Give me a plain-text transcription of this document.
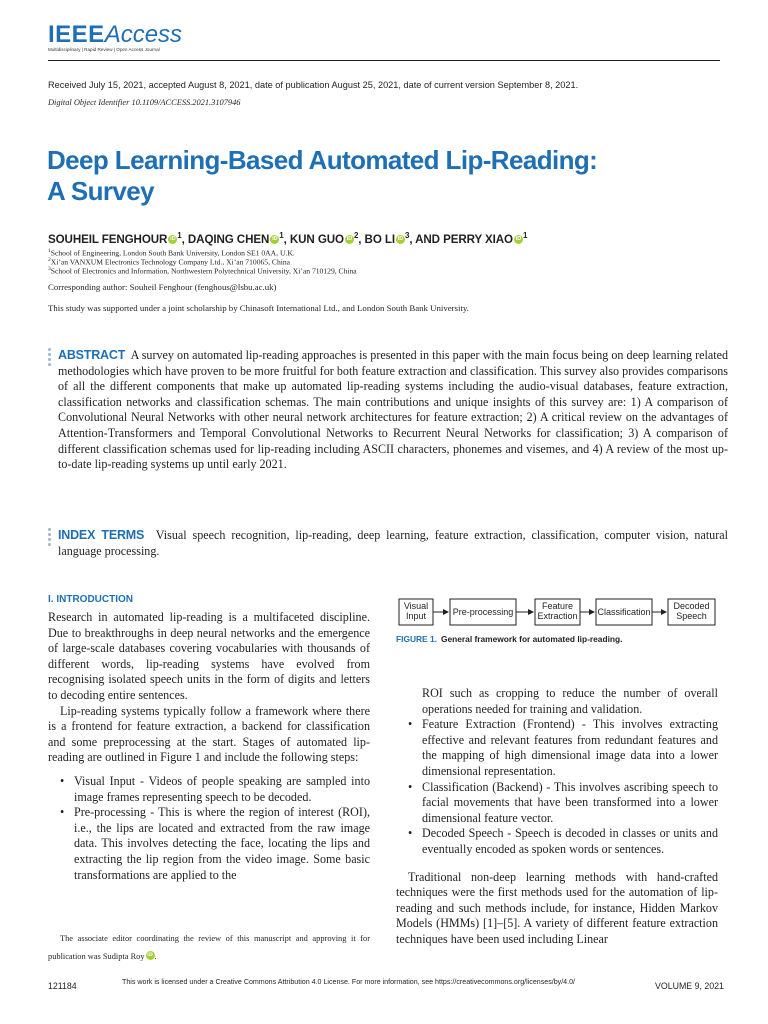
IEEEAccess
Multidisciplinary | Rapid Review | Open Access Journal
Received July 15, 2021, accepted August 8, 2021, date of publication August 25, 2021, date of current version September 8, 2021.
Digital Object Identifier 10.1109/ACCESS.2021.3107946
Deep Learning-Based Automated Lip-Reading:
A Survey
SOUHEIL FENGHOUR iD $^1$, DAQING CHEN iD $^1$, KUN GUO iD $^2$, BO LI iD $^3$, AND PERRY XIAO iD $^1$
$^1$School of Engineering, London South Bank University, London SE1 0AA, U.K.
$^2$Xi’an VANXUM Electronics Technology Company Ltd., Xi’an 710065, China
$^3$School of Electronics and Information, Northwestern Polytechnical University, Xi’an 710129, China
Corresponding author: Souheil Fenghour (fenghous@lsbu.ac.uk)
This study was supported under a joint scholarship by Chinasoft International Ltd., and London South Bank University.
ABSTRACT A survey on automated lip-reading approaches is presented in this paper with the main focus being on deep learning related methodologies which have proven to be more fruitful for both feature extraction and classification. This survey also provides comparisons of all the different components that make up automated lip-reading systems including the audio-visual databases, feature extraction, classification networks and classification schemas. The main contributions and unique insights of this survey are: 1) A comparison of Convolutional Neural Networks with other neural network architectures for feature extraction; 2) A critical review on the advantages of Attention-Transformers and Temporal Convolutional Networks to Recurrent Neural Networks for classification; 3) A comparison of different classification schemas used for lip-reading including ASCII characters, phonemes and visemes, and 4) A review of the most up-to-date lip-reading systems up until early 2021.
INDEX TERMS Visual speech recognition, lip-reading, deep learning, feature extraction, classification, computer vision, natural language processing.
I. INTRODUCTION

Research in automated lip-reading is a multifaceted discipline. Due to breakthroughs in deep neural networks and the emergence of large-scale databases covering vocabularies with thousands of different words, lip-reading systems have evolved from recognising isolated speech units in the form of digits and letters to decoding entire sentences.

Lip-reading systems typically follow a framework where there is a frontend for feature extraction, a backend for classification and some preprocessing at the start. Stages of automated lip-reading are outlined in Figure 1 and include the following steps:

• Visual Input - Videos of people speaking are sampled into image frames representing speech to be decoded.
• Pre-processing - This is where the region of interest (ROI), i.e., the lips are located and extracted from the raw image data. This involves detecting the face, locating the lips and extracting the lip region from the video image. Some basic transformations are applied to the
Visual
Input	Pre-processing
Feature
Extraction Classification
Decoded
Speech
FIGURE 1. General framework for automated lip-reading.

ROI such as cropping to reduce the number of overall operations needed for training and validation.

• Feature Extraction (Frontend) - This involves extracting effective and relevant features from redundant features and the mapping of high dimensional image data into a lower dimensional representation.
• Classification (Backend) - This involves ascribing speech to facial movements that have been transformed into a lower dimensional feature vector.
• Decoded Speech - Speech is decoded in classes or units and eventually encoded as spoken words or sentences.

Traditional non-deep learning methods with hand-crafted techniques were the first methods used for the automation of lip-reading and such methods include, for instance, Hidden Markov Models (HMMs) [1]–[5]. A variety of different feature extraction techniques have been used including Linear

The associate editor coordinating the review of this manuscript and approving it for publication was Sudipta Roy iD .
121184	This work is licensed under a Creative Commons Attribution 4.0 License. For more information, see https://creativecommons.org/licenses/by/4.0/	VOLUME 9, 2021
